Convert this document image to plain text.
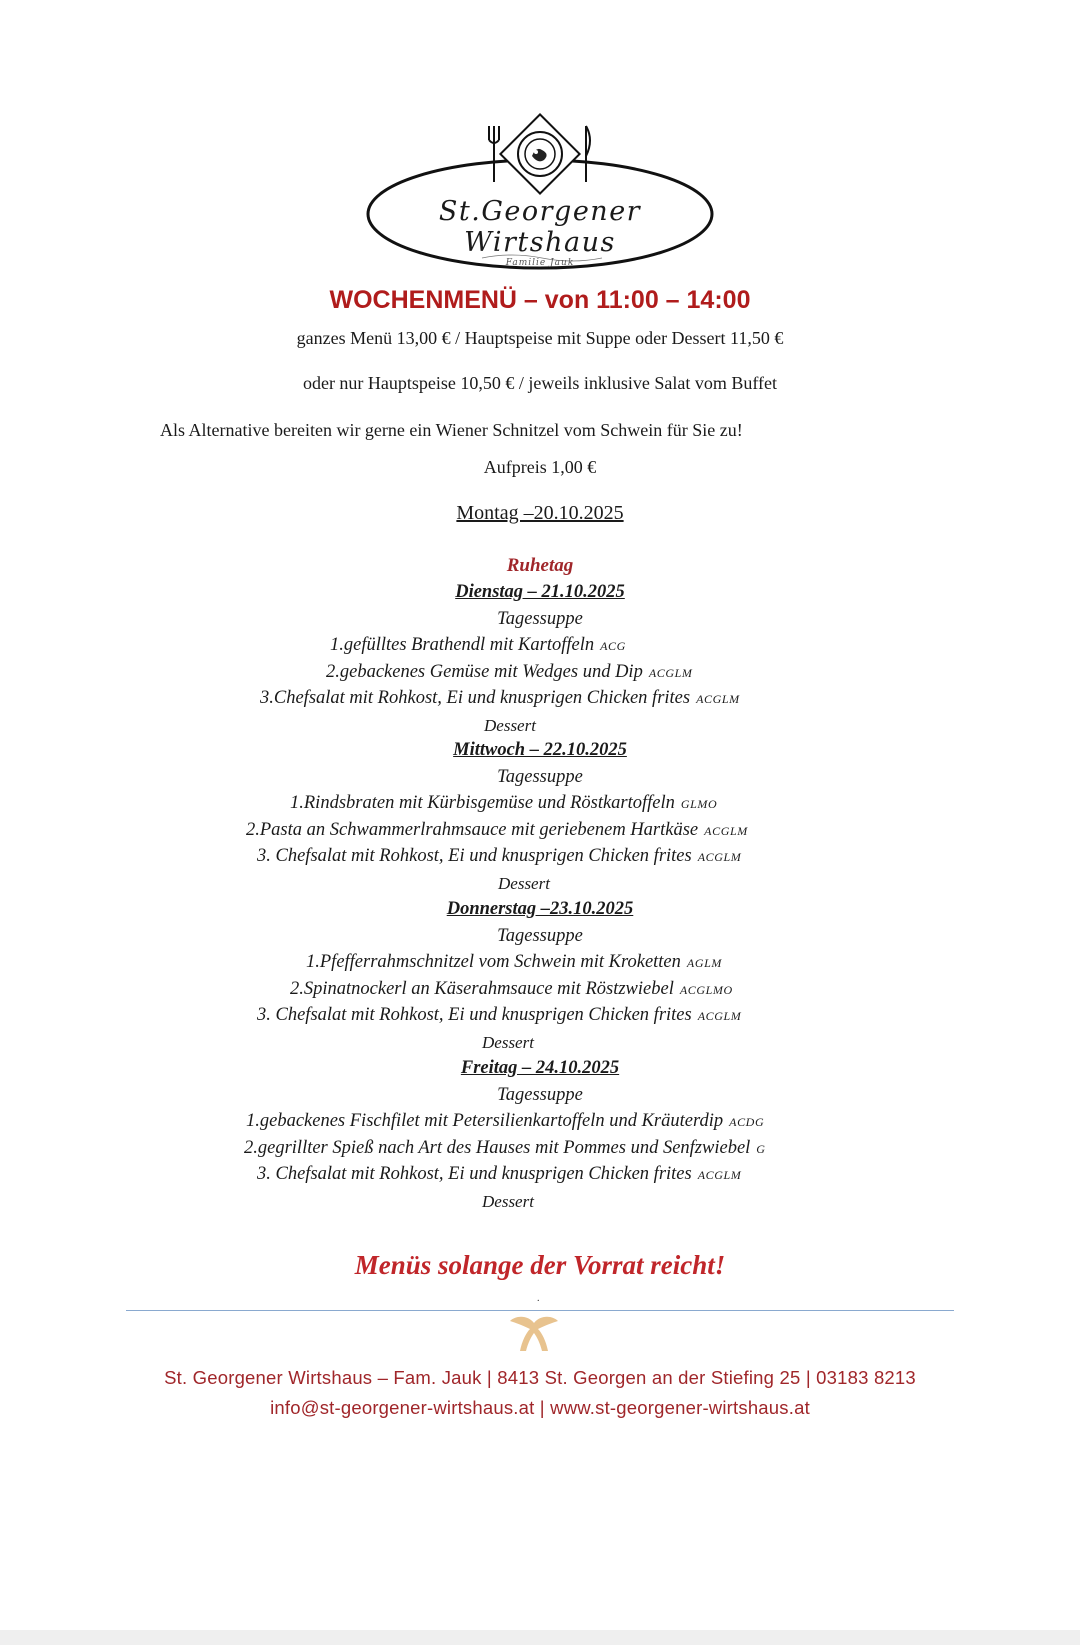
St.Georgener Wirtshaus
Familie Jauk
WOCHENMENÜ – von 11:00 – 14:00
ganzes Menü 13,00 € / Hauptspeise mit Suppe oder Dessert 11,50 €
oder nur Hauptspeise 10,50 € / jeweils inklusive Salat vom Buffet
Als Alternative bereiten wir gerne ein Wiener Schnitzel vom Schwein für Sie zu!
Aufpreis 1,00 €
Montag –20.10.2025
Ruhetag
Dienstag – 21.10.2025
Tagessuppe
1.gefülltes Brathendl mit Kartoffeln ACG
2.gebackenes Gemüse mit Wedges und Dip ACGLM
3.Chefsalat mit Rohkost, Ei und knusprigen Chicken frites ACGLM
Dessert
Mittwoch – 22.10.2025
Tagessuppe
1.Rindsbraten mit Kürbisgemüse und Röstkartoffeln GLMO
2.Pasta an Schwammerlrahmsauce mit geriebenem Hartkäse ACGLM
3. Chefsalat mit Rohkost, Ei und knusprigen Chicken frites ACGLM
Dessert
Donnerstag –23.10.2025
Tagessuppe
1.Pfefferrahmschnitzel vom Schwein mit Kroketten AGLM
2.Spinatnockerl an Käserahmsauce mit Röstzwiebel ACGLMO
3. Chefsalat mit Rohkost, Ei und knusprigen Chicken frites ACGLM
Dessert
Freitag – 24.10.2025
Tagessuppe
1.gebackenes Fischfilet mit Petersilienkartoffeln und Kräuterdip ACDG
2.gegrillter Spieß nach Art des Hauses mit Pommes und Senfzwiebel G
3. Chefsalat mit Rohkost, Ei und knusprigen Chicken frites ACGLM
Dessert
Menüs solange der Vorrat reicht!
.
St. Georgener Wirtshaus – Fam. Jauk | 8413 St. Georgen an der Stiefing 25 | 03183 8213
info@st-georgener-wirtshaus.at | www.st-georgener-wirtshaus.at
